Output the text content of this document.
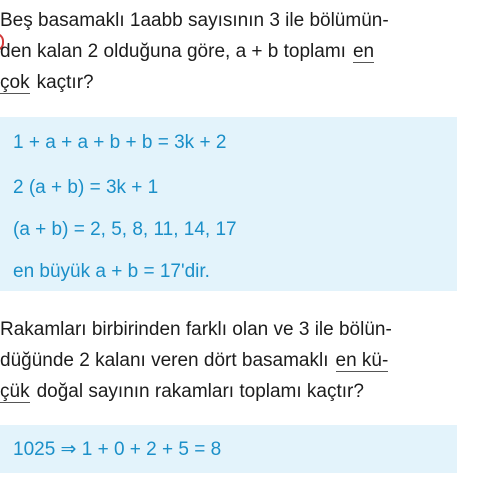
Beş basamaklı 1aabb sayısının 3 ile bölümün-
den kalan 2 olduğuna göre, a + b toplamı en
çok kaçtır?
1 + a + a + b + b = 3k + 2
2 (a + b) = 3k + 1
(a + b) = 2, 5, 8, 11, 14, 17
en büyük a + b = 17'dir.
Rakamları birbirinden farklı olan ve 3 ile bölün-
düğünde 2 kalanı veren dört basamaklı en kü-
çük doğal sayının rakamları toplamı kaçtır?
1025 ⇒ 1 + 0 + 2 + 5 = 8
